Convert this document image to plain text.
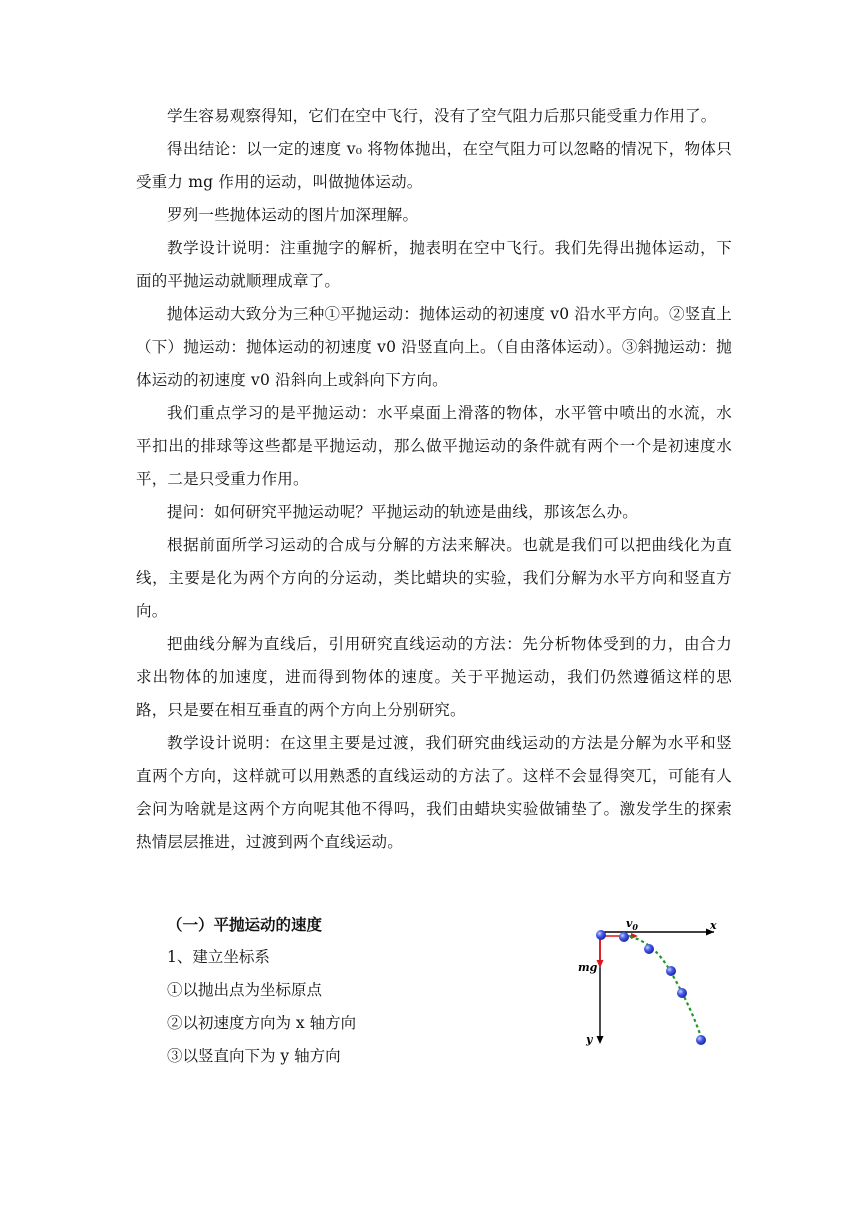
学生容易观察得知，它们在空中飞行，没有了空气阻力后那只能受重力作用了。

得出结论：以一定的速度 v₀ 将物体抛出，在空气阻力可以忽略的情况下，物体只受重力 mg 作用的运动，叫做抛体运动。

罗列一些抛体运动的图片加深理解。

教学设计说明：注重抛字的解析，抛表明在空中飞行。我们先得出抛体运动，下面的平抛运动就顺理成章了。

抛体运动大致分为三种①平抛运动：抛体运动的初速度 v0 沿水平方向。②竖直上（下）抛运动：抛体运动的初速度 v0 沿竖直向上。（自由落体运动）。③斜抛运动：抛体运动的初速度 v0 沿斜向上或斜向下方向。

我们重点学习的是平抛运动：水平桌面上滑落的物体，水平管中喷出的水流，水平扣出的排球等这些都是平抛运动，那么做平抛运动的条件就有两个一个是初速度水平，二是只受重力作用。

提问：如何研究平抛运动呢？平抛运动的轨迹是曲线，那该怎么办。

根据前面所学习运动的合成与分解的方法来解决。也就是我们可以把曲线化为直线，主要是化为两个方向的分运动，类比蜡块的实验，我们分解为水平方向和竖直方向。

把曲线分解为直线后，引用研究直线运动的方法：先分析物体受到的力，由合力求出物体的加速度，进而得到物体的速度。关于平抛运动，我们仍然遵循这样的思路，只是要在相互垂直的两个方向上分别研究。

教学设计说明：在这里主要是过渡，我们研究曲线运动的方法是分解为水平和竖直两个方向，这样就可以用熟悉的直线运动的方法了。这样不会显得突兀，可能有人会问为啥就是这两个方向呢其他不得吗，我们由蜡块实验做铺垫了。激发学生的探索热情层层推进，过渡到两个直线运动。

（一）平抛运动的速度

1、建立坐标系

①以抛出点为坐标原点

②以初速度方向为 x 轴方向

③以竖直向下为 y 轴方向

x
y
$v_0$
mg
